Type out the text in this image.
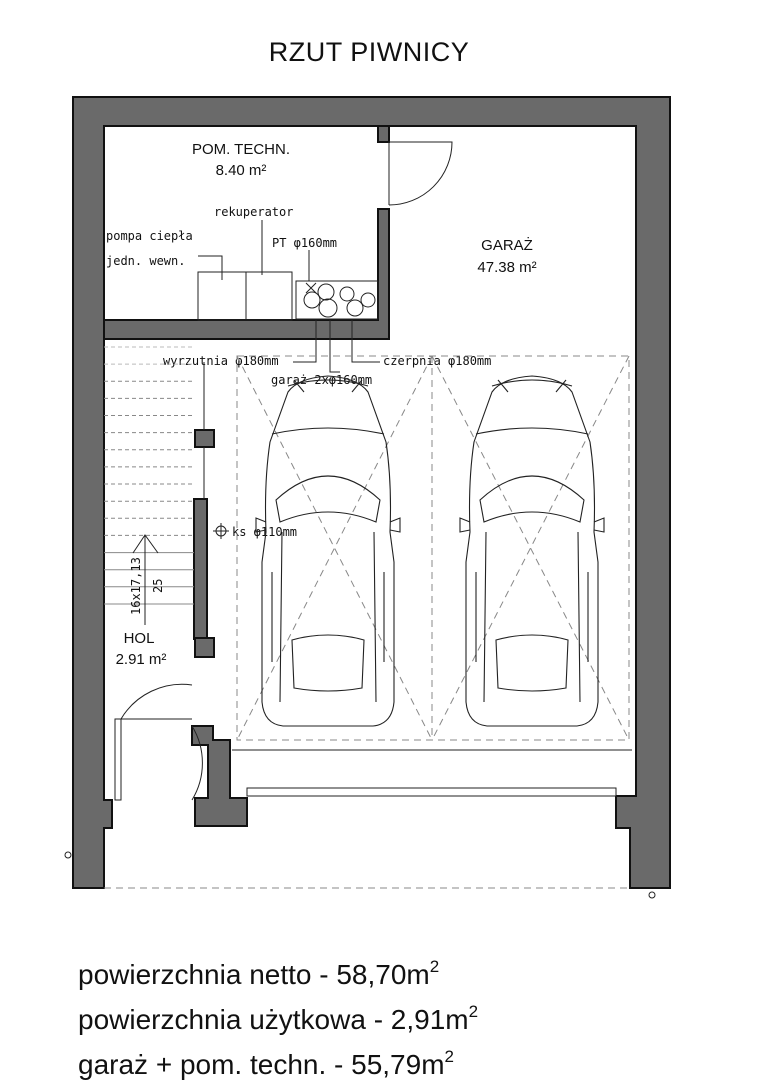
RZUT PIWNICY
POM. TECHN.
8.40 m²
GARAŻ
47.38 m²
HOL
2.91 m²
rekuperator
pompa ciepła
jedn. wewn.
PT φ160mm
wyrzutnia φ180mm	czerpnia φ180mm
garaż 2xφ160mm
ks φ110mm
16x17,13 25
powierzchnia netto - $58,70m^2$
powierzchnia użytkowa - $2,91m^2$
garaż + pom. techn. - $55,79m^2$
